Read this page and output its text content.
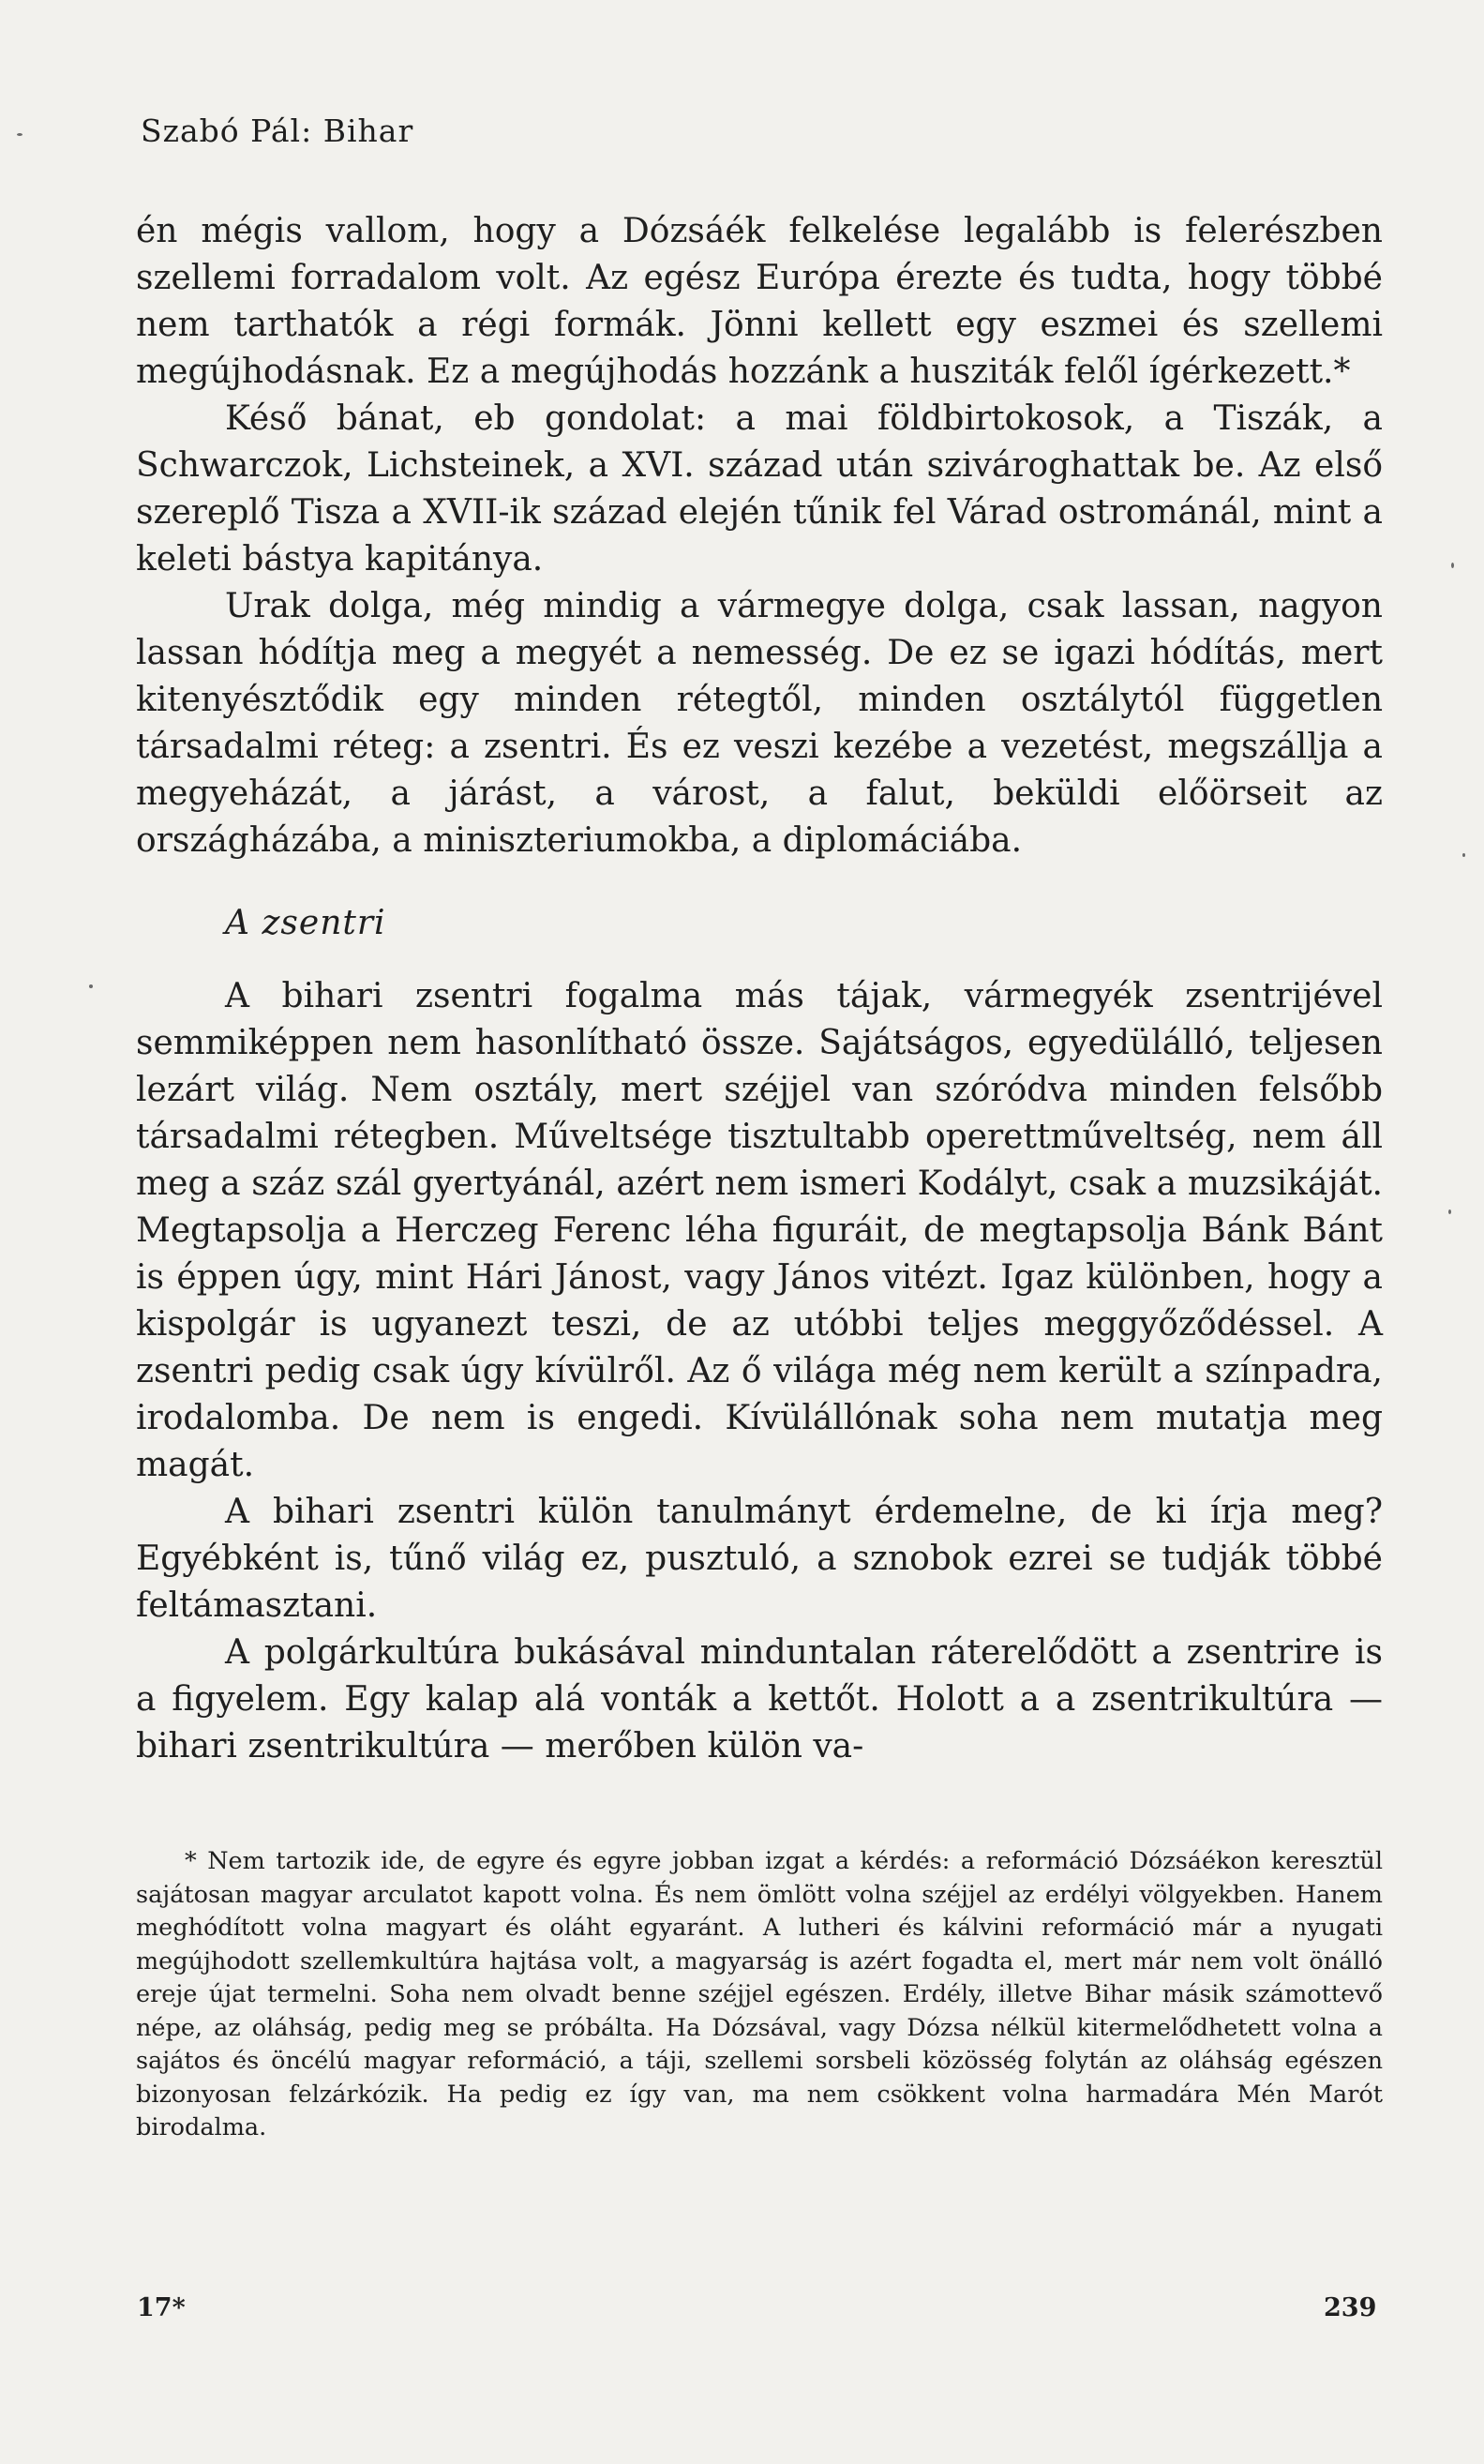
Szabó Pál: Bihar

én mégis vallom, hogy a Dózsáék felkelése legalább is felerészben szellemi forradalom volt. Az egész Európa érezte és tudta, hogy többé nem tarthatók a régi formák. Jönni kellett egy eszmei és szellemi megújhodásnak. Ez a megújhodás hozzánk a husziták felől ígérkezett.*

Késő bánat, eb gondolat: a mai földbirtokosok, a Tiszák, a Schwarczok, Lichsteinek, a XVI. század után szivároghattak be. Az első szereplő Tisza a XVII-ik század elején tűnik fel Várad ostrománál, mint a keleti bástya kapitánya.

Urak dolga, még mindig a vármegye dolga, csak lassan, nagyon lassan hódítja meg a megyét a nemesség. De ez se igazi hódítás, mert kitenyésztődik egy minden rétegtől, minden osztálytól független társadalmi réteg: a zsentri. És ez veszi kezébe a vezetést, megszállja a megyeházát, a járást, a várost, a falut, beküldi előörseit az országházába, a miniszteriumokba, a diplomáciába.

A zsentri

A bihari zsentri fogalma más tájak, vármegyék zsentrijével semmiképpen nem hasonlítható össze. Sajátságos, egyedülálló, teljesen lezárt világ. Nem osztály, mert széjjel van szóródva minden felsőbb társadalmi rétegben. Műveltsége tisztultabb operettműveltség, nem áll meg a száz szál gyertyánál, azért nem ismeri Kodályt, csak a muzsikáját. Megtapsolja a Herczeg Ferenc léha figuráit, de megtapsolja Bánk Bánt is éppen úgy, mint Hári Jánost, vagy János vitézt. Igaz különben, hogy a kispolgár is ugyanezt teszi, de az utóbbi teljes meggyőződéssel. A zsentri pedig csak úgy kívülről. Az ő világa még nem került a színpadra, irodalomba. De nem is engedi. Kívülállónak soha nem mutatja meg magát.

A bihari zsentri külön tanulmányt érdemelne, de ki írja meg? Egyébként is, tűnő világ ez, pusztuló, a sznobok ezrei se tudják többé feltámasztani.

A polgárkultúra bukásával minduntalan ráterelődött a zsentrire is a figyelem. Egy kalap alá vonták a kettőt. Holott a a zsentrikultúra — bihari zsentrikultúra — merőben külön va-

* Nem tartozik ide, de egyre és egyre jobban izgat a kérdés: a reformáció Dózsáékon keresztül sajátosan magyar arculatot kapott volna. És nem ömlött volna széjjel az erdélyi völgyekben. Hanem meghódított volna magyart és oláht egyaránt. A lutheri és kálvini reformáció már a nyugati megújhodott szellemkultúra hajtása volt, a magyarság is azért fogadta el, mert már nem volt önálló ereje újat termelni. Soha nem olvadt benne széjjel egészen. Erdély, illetve Bihar másik számottevő népe, az oláhság, pedig meg se próbálta. Ha Dózsával, vagy Dózsa nélkül kitermelődhetett volna a sajátos és öncélú magyar reformáció, a táji, szellemi sorsbeli közösség folytán az oláhság egészen bizonyosan felzárkózik. Ha pedig ez így van, ma nem csökkent volna harmadára Mén Marót birodalma.

17*	239
